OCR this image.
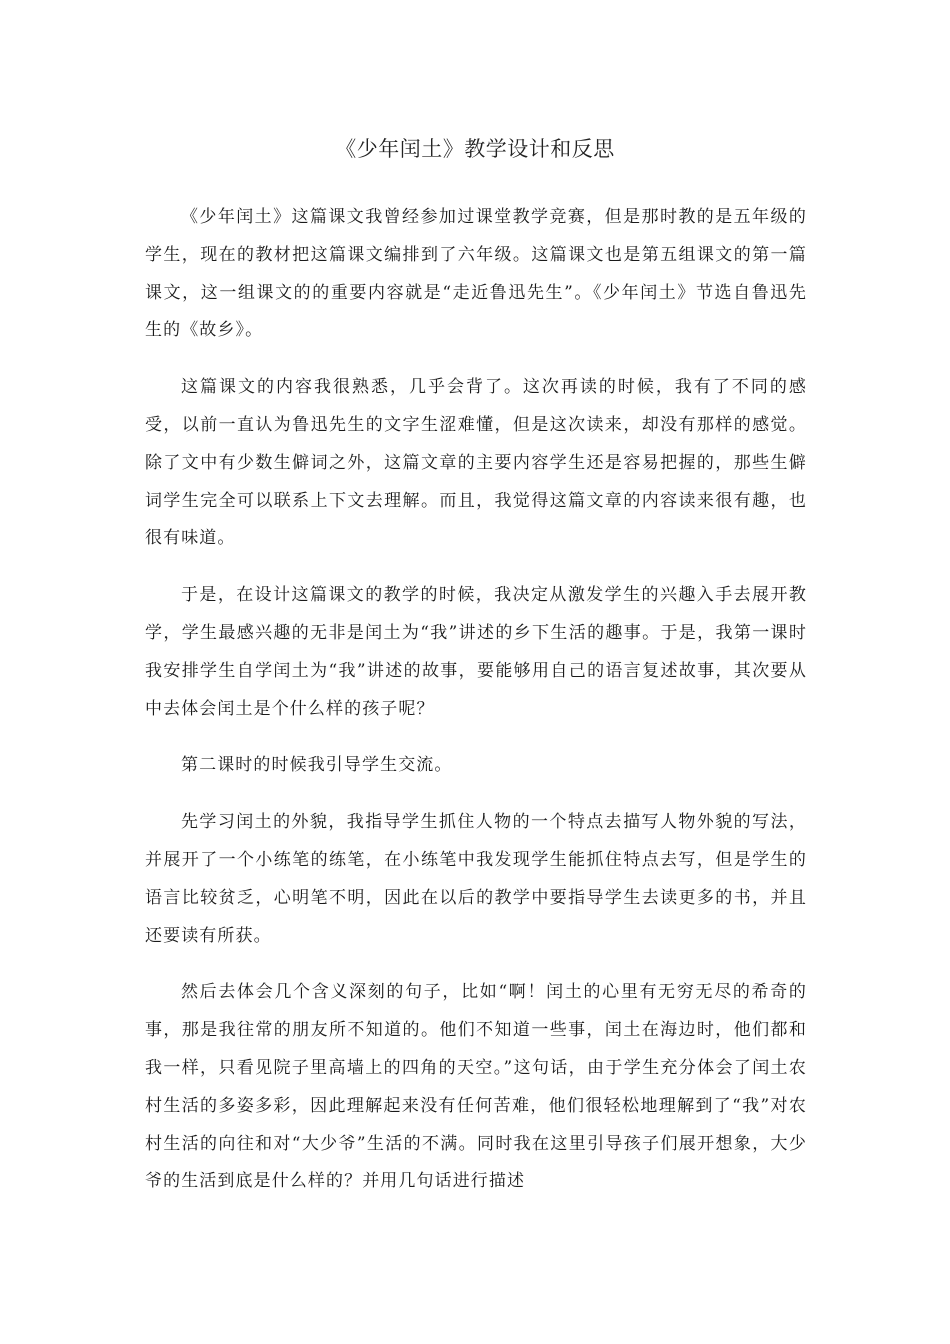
《少年闰土》教学设计和反思

《少年闰土》这篇课文我曾经参加过课堂教学竞赛，但是那时教的是五年级的学生，现在的教材把这篇课文编排到了六年级。这篇课文也是第五组课文的第一篇课文，这一组课文的的重要内容就是“走近鲁迅先生”。《少年闰土》节选自鲁迅先生的《故乡》。

这篇课文的内容我很熟悉，几乎会背了。这次再读的时候，我有了不同的感受，以前一直认为鲁迅先生的文字生涩难懂，但是这次读来，却没有那样的感觉。除了文中有少数生僻词之外，这篇文章的主要内容学生还是容易把握的，那些生僻词学生完全可以联系上下文去理解。而且，我觉得这篇文章的内容读来很有趣，也很有味道。

于是，在设计这篇课文的教学的时候，我决定从激发学生的兴趣入手去展开教学，学生最感兴趣的无非是闰土为“我”讲述的乡下生活的趣事。于是，我第一课时我安排学生自学闰土为“我”讲述的故事，要能够用自己的语言复述故事，其次要从中去体会闰土是个什么样的孩子呢？

第二课时的时候我引导学生交流。

先学习闰土的外貌，我指导学生抓住人物的一个特点去描写人物外貌的写法，并展开了一个小练笔的练笔，在小练笔中我发现学生能抓住特点去写，但是学生的语言比较贫乏，心明笔不明，因此在以后的教学中要指导学生去读更多的书，并且还要读有所获。

然后去体会几个含义深刻的句子，比如“啊！闰土的心里有无穷无尽的希奇的事，那是我往常的朋友所不知道的。他们不知道一些事，闰土在海边时，他们都和我一样，只看见院子里高墙上的四角的天空。”这句话，由于学生充分体会了闰土农村生活的多姿多彩，因此理解起来没有任何苦难，他们很轻松地理解到了“我”对农村生活的向往和对“大少爷”生活的不满。同时我在这里引导孩子们展开想象，大少爷的生活到底是什么样的？并用几句话进行描述
